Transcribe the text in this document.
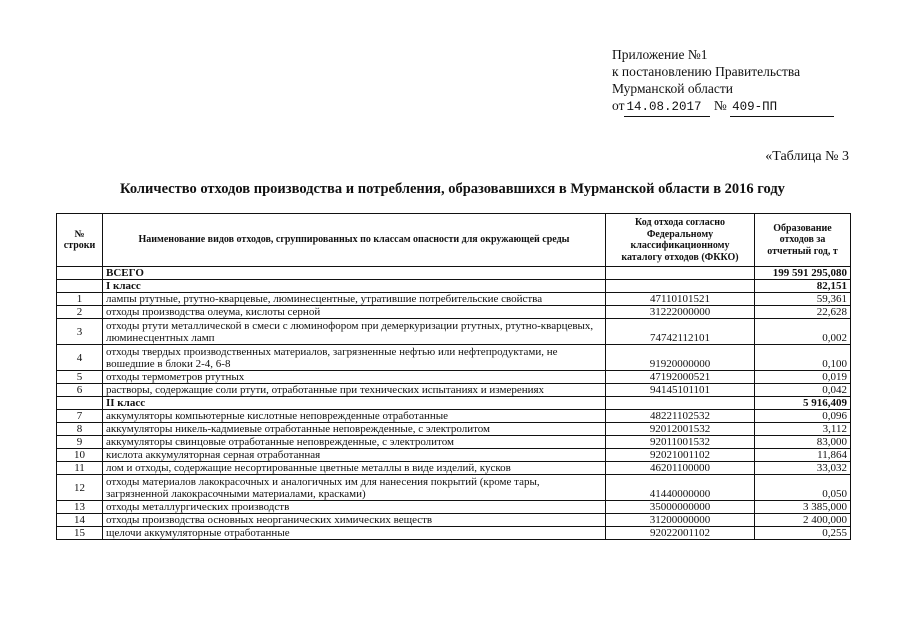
Приложение №1
к постановлению Правительства
Мурманской области
от 14.08.2017 № 409-ПП
«Таблица № 3
Количество отходов производства и потребления, образовавшихся в Мурманской области в 2016 году
№ строки	Наименование видов отходов, сгруппированных по классам опасности для окружающей среды	Код отхода согласно Федеральному классификационному каталогу отходов (ФККО)	Образование отходов за отчетный год, т
	ВСЕГО		199 591 295,080
	I класс		82,151
1	лампы ртутные, ртутно-кварцевые, люминесцентные, утратившие потребительские свойства	47110101521	59,361
2	отходы производства олеума, кислоты серной	31222000000	22,628
3	отходы ртути металлической в смеси с люминофором при демеркуризации ртутных, ртутно-кварцевых, люминесцентных ламп	74742112101	0,002
4	отходы твердых производственных материалов, загрязненные нефтью или нефтепродуктами, не вошедшие в блоки 2-4, 6-8	91920000000	0,100
5	отходы термометров ртутных	47192000521	0,019
6	растворы, содержащие соли ртути, отработанные при технических испытаниях и измерениях	94145101101	0,042
	II класс		5 916,409
7	аккумуляторы компьютерные кислотные неповрежденные отработанные	48221102532	0,096
8	аккумуляторы никель-кадмиевые отработанные неповрежденные, с электролитом	92012001532	3,112
9	аккумуляторы свинцовые отработанные неповрежденные, с электролитом	92011001532	83,000
10	кислота аккумуляторная серная отработанная	92021001102	11,864
11	лом и отходы, содержащие несортированные цветные металлы в виде изделий, кусков	46201100000	33,032
12	отходы материалов лакокрасочных и аналогичных им для нанесения покрытий (кроме тары, загрязненной лакокрасочными материалами, красками)	41440000000	0,050
13	отходы металлургических производств	35000000000	3 385,000
14	отходы производства основных неорганических химических веществ	31200000000	2 400,000
15	щелочи аккумуляторные отработанные	92022001102	0,255
